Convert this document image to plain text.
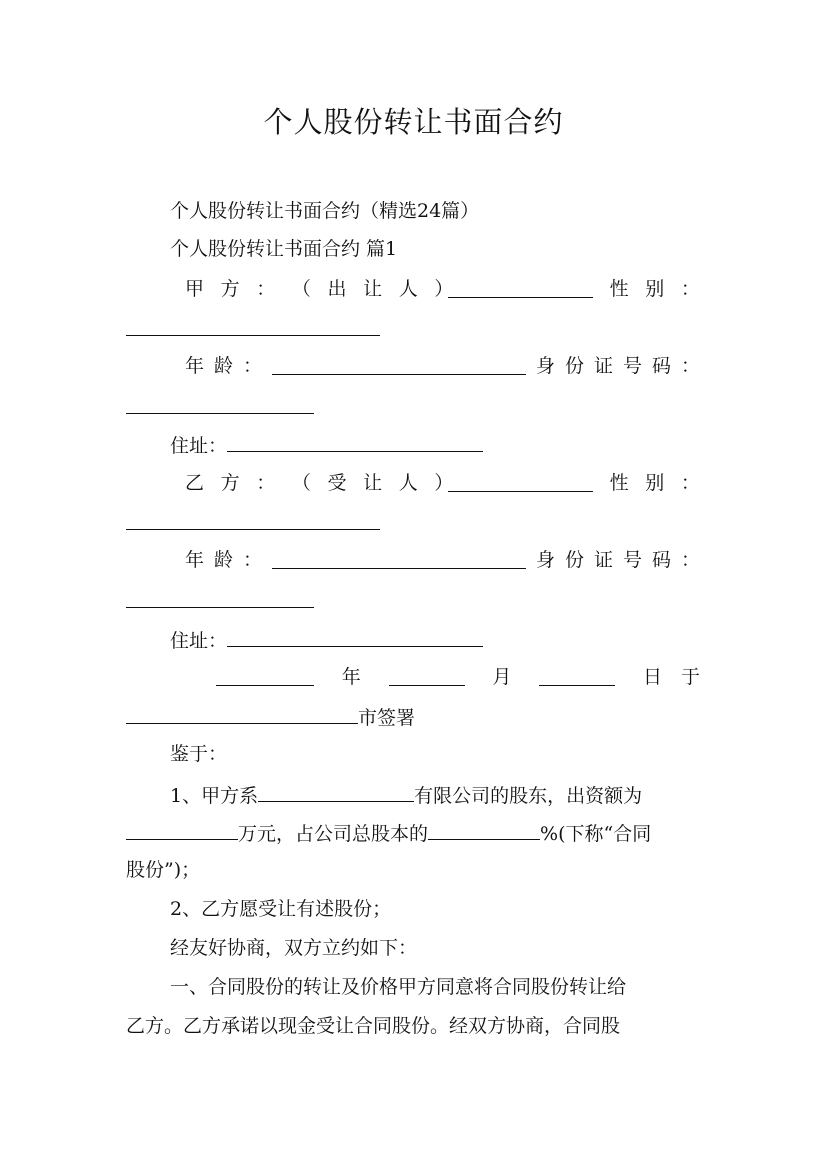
个人股份转让书面合约
个人股份转让书面合约（精选24篇）
个人股份转让书面合约 篇1
甲 方 ： （ 出 让 人 ）	性 别 ：
年 龄 ：	身 份 证 号 码 ：
住址：
乙 方 ： （ 受 让 人 ）	性 别 ：
年 龄 ：	身 份 证 号 码 ：
住址：
年	月	日　于
市签署
鉴于：
1、甲方系	有限公司的股东，出资额为
万元，占公司总股本的	%(下称“合同
股份”)；
2、乙方愿受让有述股份；
经友好协商，双方立约如下：
一、合同股份的转让及价格甲方同意将合同股份转让给
乙方。乙方承诺以现金受让合同股份。经双方协商，合同股
